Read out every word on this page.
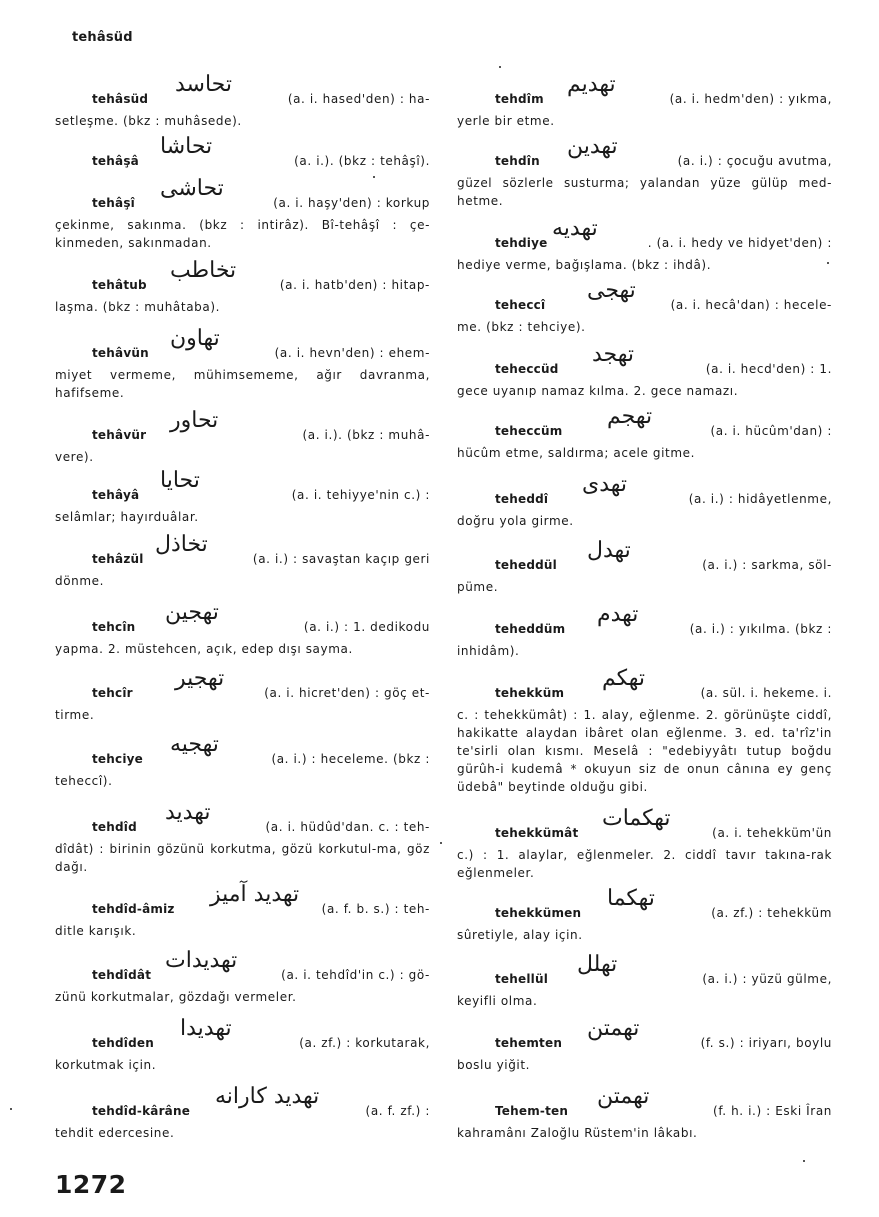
tehâsüd
tehâsüd
تحاسد
(a. i. hased'den) : ha-
setleşme. (bkz : muhâsede).
tehâşâ
تحاشا
(a. i.). (bkz : tehâşî).
tehâşî
تحاشی
(a. i. haşy'den) : korkup
çekinme, sakınma. (bkz : intirâz). Bî-tehâşî : çe-kinmeden, sakınmadan.
tehâtub
تخاطب
(a. i. hatb'den) : hitap-
laşma. (bkz : muhâtaba).
tehâvün
تهاون
(a. i. hevn'den) : ehem-
miyet vermeme, mühimsememe, ağır davranma, hafifseme.
tehâvür
تحاور
(a. i.). (bkz : muhâ-
vere).
tehâyâ
تحایا
(a. i. tehiyye'nin c.) :
selâmlar; hayırduâlar.
tehâzül
تخاذل
(a. i.) : savaştan kaçıp geri
dönme.
tehcîn
تهجین
(a. i.) : 1. dedikodu
yapma. 2. müstehcen, açık, edep dışı sayma.
tehcîr
تهجیر
(a. i. hicret'den) : göç et-
tirme.
tehciye
تهجیه
(a. i.) : heceleme. (bkz :
teheccî).
tehdîd
تهدید
(a. i. hüdûd'dan. c. : teh-
dîdât) : birinin gözünü korkutma, gözü korkutul-ma, göz dağı.
tehdîd-âmiz
تهدید آمیز
(a. f. b. s.) : teh-
ditle karışık.
tehdîdât
تهدیدات
(a. i. tehdîd'in c.) : gö-
zünü korkutmalar, gözdağı vermeler.
tehdîden
تهدیدا
(a. zf.) : korkutarak,
korkutmak için.
tehdîd-kârâne
تهدید کارانه
(a. f. zf.) :
tehdit edercesine.
tehdîm
تهدیم
(a. i. hedm'den) : yıkma,
yerle bir etme.
tehdîn
تهدین
(a. i.) : çocuğu avutma,
güzel sözlerle susturma; yalandan yüze gülüp med-hetme.
tehdiye
تهدیه
. (a. i. hedy ve hidyet'den) :
hediye verme, bağışlama. (bkz : ihdâ).
teheccî
تهجی
(a. i. hecâ'dan) : hecele-
me. (bkz : tehciye).
teheccüd
تهجد
(a. i. hecd'den) : 1.
gece uyanıp namaz kılma. 2. gece namazı.
teheccüm
تهجم
(a. i. hücûm'dan) :
hücûm etme, saldırma; acele gitme.
teheddî
تهدی
(a. i.) : hidâyetlenme,
doğru yola girme.
teheddül
تهدل
(a. i.) : sarkma, söl-
püme.
teheddüm
تهدم
(a. i.) : yıkılma. (bkz :
inhidâm).
tehekküm
تهکم
(a. sül. i. hekeme. i.
c. : tehekkümât) : 1. alay, eğlenme. 2. görünüşte ciddî, hakikatte alaydan ibâret olan eğlenme. 3. ed. ta'rîz'in te'sirli olan kısmı. Meselâ : "edebiyyâtı tutup boğdu gürûh-i kudemâ * okuyun siz de onun cânına ey genç üdebâ" beytinde olduğu gibi.
tehekkümât
تهکمات
(a. i. tehekküm'ün
c.) : 1. alaylar, eğlenmeler. 2. ciddî tavır takına-rak eğlenmeler.
tehekkümen
تهکما
(a. zf.) : tehekküm
sûretiyle, alay için.
tehellül
تهلل
(a. i.) : yüzü gülme,
keyifli olma.
tehemten
تهمتن
(f. s.) : iriyarı, boylu
boslu yiğit.
Tehem-ten
تهمتن
(f. h. i.) : Eski Îran
kahramânı Zaloğlu Rüstem'in lâkabı.
1272
